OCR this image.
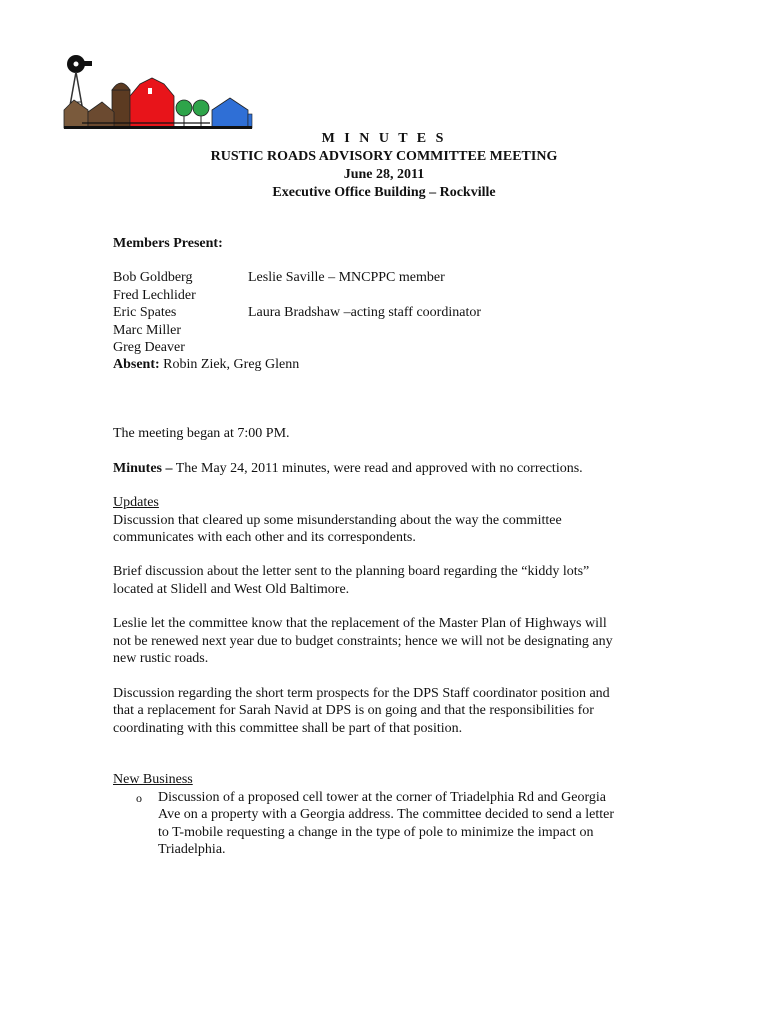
M I N U T E S
RUSTIC ROADS ADVISORY COMMITTEE MEETING
June 28, 2011
Executive Office Building – Rockville

Members Present:

Bob Goldberg	Leslie Saville – MNCPPC member

Fred Lechlider

Eric Spates	Laura Bradshaw –acting staff coordinator

Marc Miller

Greg Deaver

Absent: Robin Ziek, Greg Glenn

The meeting began at 7:00 PM.

Minutes – The May 24, 2011 minutes, were read and approved with no corrections.

Updates

Discussion that cleared up some misunderstanding about the way the committee

communicates with each other and its correspondents.

Brief discussion about the letter sent to the planning board regarding the “kiddy lots”

located at Slidell and West Old Baltimore.

Leslie let the committee know that the replacement of the Master Plan of Highways will

not be renewed next year due to budget constraints; hence we will not be designating any

new rustic roads.

Discussion regarding the short term prospects for the DPS Staff coordinator position and

that a replacement for Sarah Navid at DPS is on going and that the responsibilities for

coordinating with this committee shall be part of that position.

New Business

o Discussion of a proposed cell tower at the corner of Triadelphia Rd and Georgia

Ave on a property with a Georgia address. The committee decided to send a letter

to T-mobile requesting a change in the type of pole to minimize the impact on

Triadelphia.
